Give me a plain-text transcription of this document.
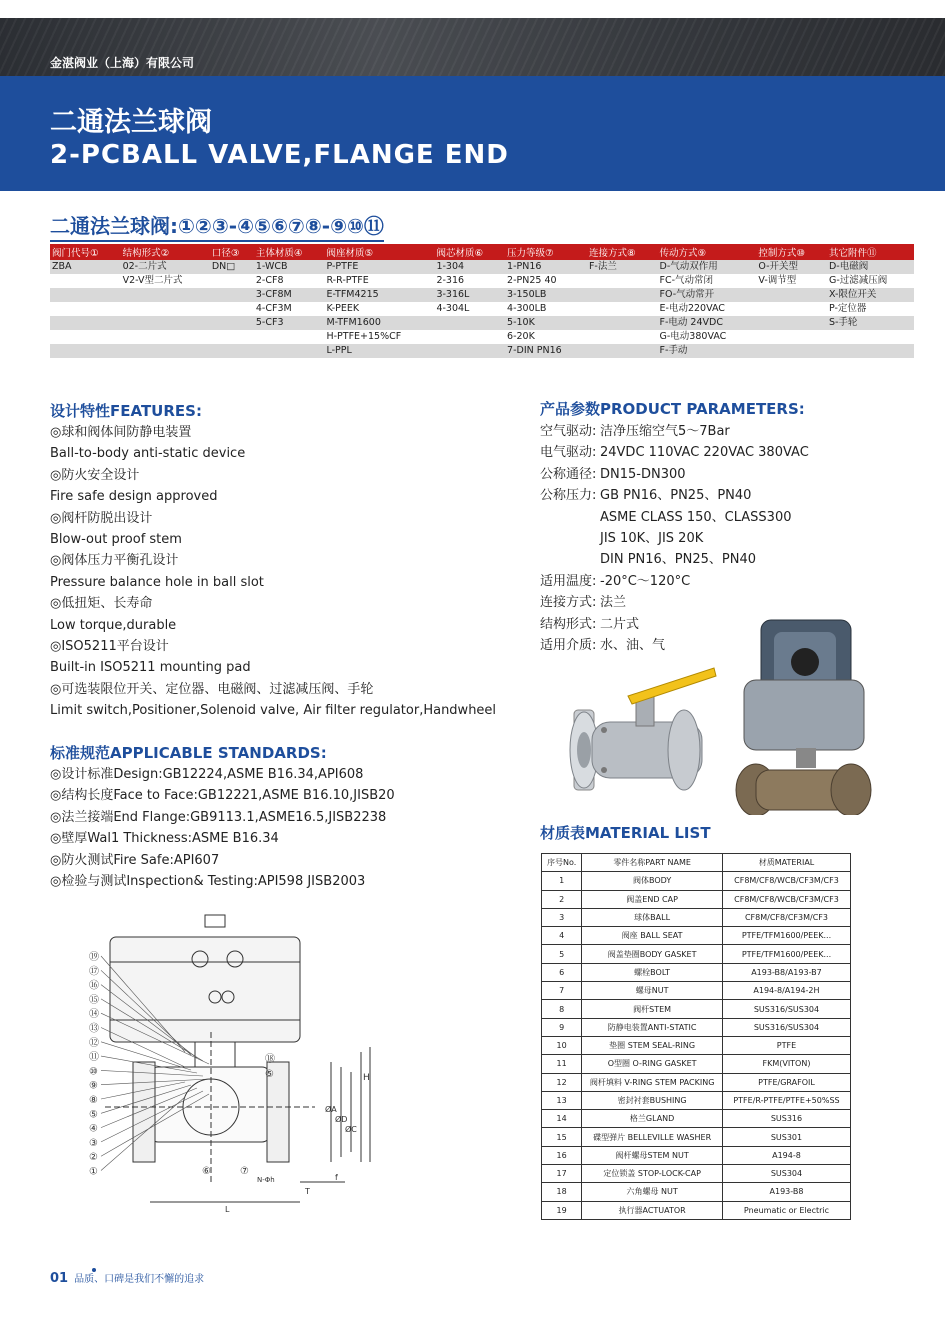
金湛阀业（上海）有限公司
二通法兰球阀
2-PCBALL VALVE,FLANGE END
二通法兰球阀:①②③-④⑤⑥⑦⑧-⑨⑩⑪
阀门代号①	结构形式②	口径③	主体材质④	阀座材质⑤	阀芯材质⑥	压力等级⑦	连接方式⑧	传动方式⑨	控制方式⑩	其它附件⑪
ZBA	02-二片式	DN□	1-WCB	P-PTFE	1-304	1-PN16	F-法兰	D-气动双作用	O-开关型	D-电磁阀
	V2-V型二片式		2-CF8	R-R-PTFE	2-316	2-PN25 40		FC-气动常闭	V-调节型	G-过滤减压阀
			3-CF8M	E-TFM4215	3-316L	3-150LB		FO-气动常开		X-限位开关
			4-CF3M	K-PEEK	4-304L	4-300LB		E-电动220VAC		P-定位器
			5-CF3	M-TFM1600		5-10K		F-电动 24VDC		S-手轮
				H-PTFE+15%CF		6-20K		G-电动380VAC		
				L-PPL		7-DIN PN16		F-手动		
设计特性FEATURES:
◎球和阀体间防静电装置
Ball-to-body anti-static device
◎防火安全设计
Fire safe design approved
◎阀杆防脱出设计
Blow-out proof stem
◎阀体压力平衡孔设计
Pressure balance hole in ball slot
◎低扭矩、长寿命
Low torque,durable
◎ISO5211平台设计
Built-in ISO5211 mounting pad
◎可选装限位开关、定位器、电磁阀、过滤减压阀、手轮
Limit switch,Positioner,Solenoid valve, Air filter regulator,Handwheel
标准规范APPLICABLE STANDARDS:
◎设计标准Design:GB12224,ASME B16.34,API608
◎结构长度Face to Face:GB12221,ASME B16.10,JISB20
◎法兰接端End Flange:GB9113.1,ASME16.5,JISB2238
◎壁厚Wal1 Thickness:ASME B16.34
◎防火测试Fire Safe:API607
◎检验与测试Inspection& Testing:API598 JISB2003
产品参数PRODUCT PARAMETERS:
空气驱动: 洁净压缩空气5～7Bar
电气驱动: 24VDC 110VAC 220VAC 380VAC
公称通径: DN15-DN300
公称压力: GB PN16、PN25、PN40
ASME CLASS 150、CLASS300
JIS 10K、JIS 20K
DIN PN16、PN25、PN40
适用温度: -20°C～120°C
连接方式: 法兰
结构形式: 二片式
适用介质: 水、油、气
材质表MATERIAL LIST
序号No.	零件名称PART NAME	材质MATERIAL
1	阀体BODY	CF8M/CF8/WCB/CF3M/CF3
2	阀盖END CAP	CF8M/CF8/WCB/CF3M/CF3
3	球体BALL	CF8M/CF8/CF3M/CF3
4	阀座 BALL SEAT	PTFE/TFM1600/PEEK...
5	阀盖垫圈BODY GASKET	PTFE/TFM1600/PEEK...
6	螺栓BOLT	A193-B8/A193-B7
7	螺母NUT	A194-8/A194-2H
8	阀杆STEM	SUS316/SUS304
9	防静电装置ANTI-STATIC	SUS316/SUS304
10	垫圈 STEM SEAL-RING	PTFE
11	O型圈 O-RING GASKET	FKM(VITON)
12	阀杆填料 V-RING STEM PACKING	PTFE/GRAFOIL
13	密封衬套BUSHING	PTFE/R-PTFE/PTFE+50%SS
14	格兰GLAND	SUS316
15	碟型弹片 BELLEVILLE WASHER	SUS301
16	阀杆螺母STEM NUT	A194-8
17	定位锁盖 STOP-LOCK-CAP	SUS304
18	六角螺母 NUT	A193-B8
19	执行器ACTUATOR	Pneumatic or Electric
⑲
⑰
⑯
⑮
⑭
⑬
⑫
⑪
⑩
⑨
⑧
⑤
④
③
②
①
⑱
⑤
⑥	⑦
H
ØA
ØD
ØC
N-Φh	f
T
L
01 品质、口碑是我们不懈的追求
